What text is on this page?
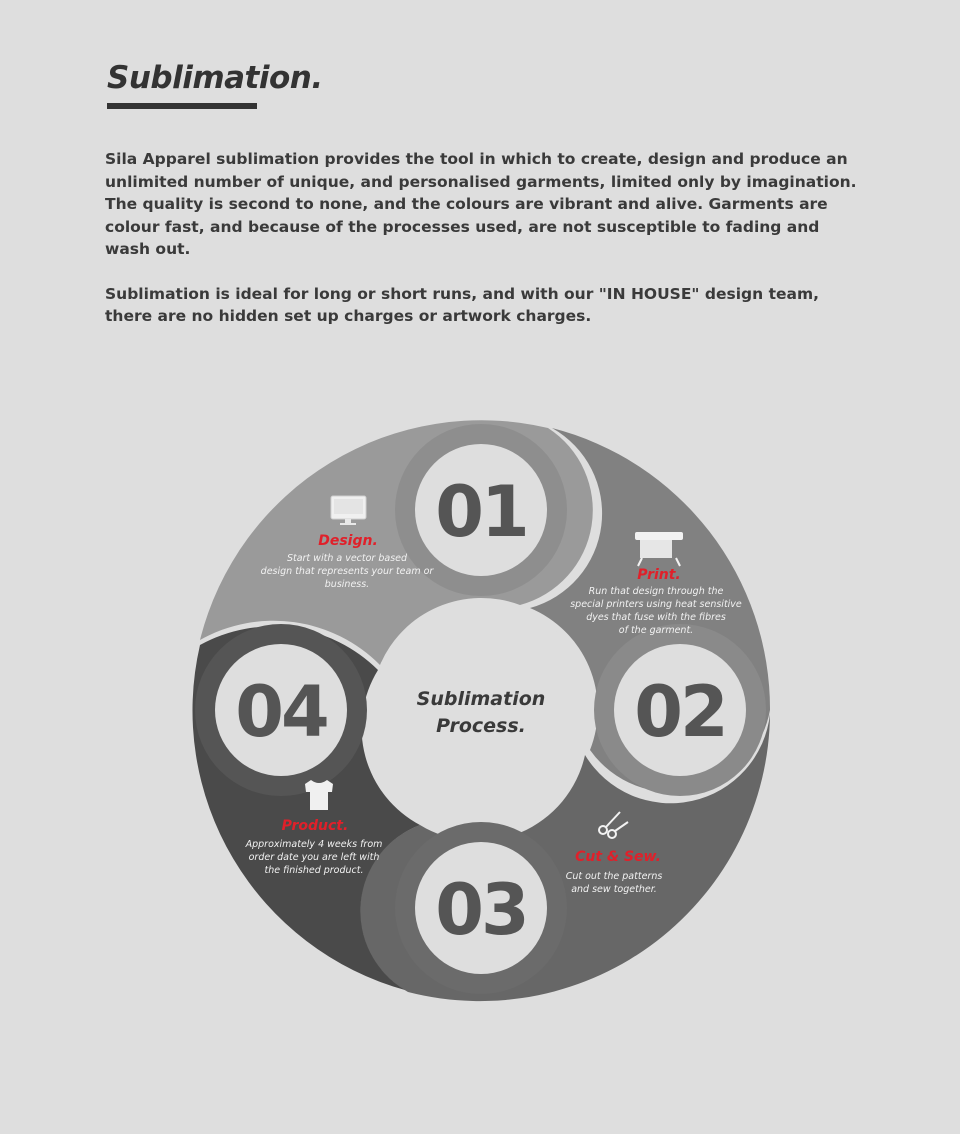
Sublimation.

Sila Apparel sublimation provides the tool in which to create, design and produce an unlimited number of unique, and personalised garments, limited only by imagination. The quality is second to none, and the colours are vibrant and alive. Garments are colour fast, and because of the processes used, are not susceptible to fading and wash out.

Sublimation is ideal for long or short runs, and with our "IN HOUSE" design team, there are no hidden set up charges or artwork charges.

01
02
03
04	Sublimation
Process.
Design.
Start with a vector based
design that represents your team or
business.
Print.
Run that design through the
special printers using heat sensitive
dyes that fuse with the fibres
of the garment.
Cut & Sew.
Cut out the patterns
and sew together.
Product.
Approximately 4 weeks from
order date you are left with
the finished product.
